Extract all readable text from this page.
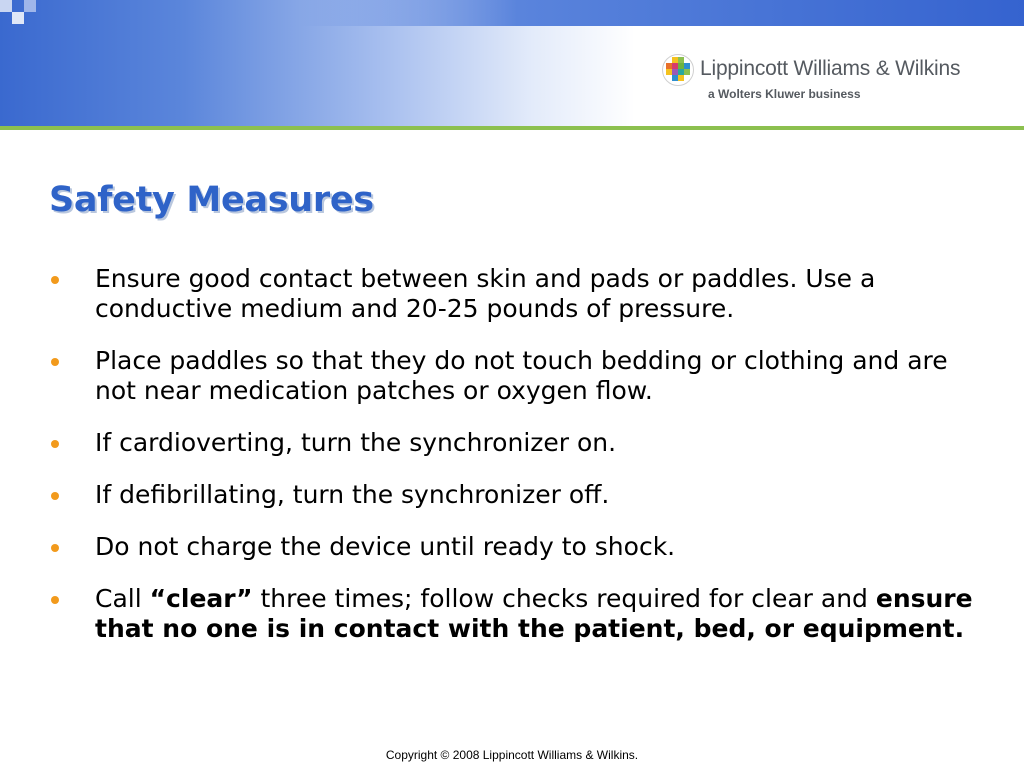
Lippincott Williams & Wilkins
a Wolters Kluwer business
Safety Measures
Ensure good contact between skin and pads or paddles. Use a conductive medium and 20-25 pounds of pressure.
Place paddles so that they do not touch bedding or clothing and are not near medication patches or oxygen flow.
If cardioverting, turn the synchronizer on.
If defibrillating, turn the synchronizer off.
Do not charge the device until ready to shock.
Call “clear” three times; follow checks required for clear and ensure that no one is in contact with the patient, bed, or equipment.
Copyright © 2008 Lippincott Williams & Wilkins.
